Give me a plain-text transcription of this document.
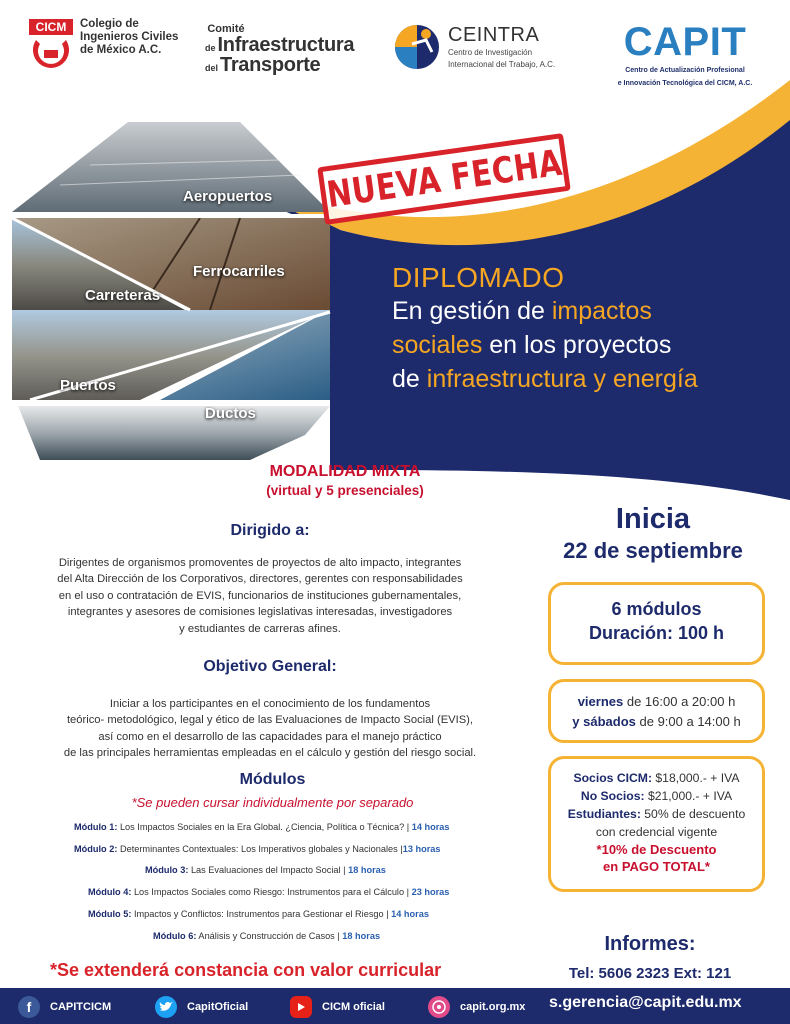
CICM Colegio de
Ingenieros Civiles
de México A.C.
Comité
de Infraestructura
del Transporte
CEINTRA
Centro de Investigación
Internacional del Trabajo, A.C.
CAPIT
Centro de Actualización Profesional
e Innovación Tecnológica del CICM, A.C.
Aeropuertos
Ferrocarriles
Carreteras
Puertos
Ductos
NUEVA FECHA
DIPLOMADO
En gestión de impactos
sociales en los proyectos
de infraestructura y energía
MODALIDAD MIXTA
(virtual y 5 presenciales)
Dirigido a:
Dirigentes de organismos promoventes de proyectos de alto impacto, integrantes
del Alta Dirección de los Corporativos, directores, gerentes con responsabilidades
en el uso o contratación de EVIS, funcionarios de instituciones gubernamentales,
integrantes y asesores de comisiones legislativas interesadas, investigadores
y estudiantes de carreras afines.
Objetivo General:
Iniciar a los participantes en el conocimiento de los fundamentos
teórico- metodológico, legal y ético de las Evaluaciones de Impacto Social (EVIS),
así como en el desarrollo de las capacidades para el manejo práctico
de las principales herramientas empleadas en el cálculo y gestión del riesgo social.
Módulos
*Se pueden cursar individualmente por separado
Módulo 1: Los Impactos Sociales en la Era Global. ¿Ciencia, Política o Técnica? | 14 horas
Módulo 2: Determinantes Contextuales: Los Imperativos globales y Nacionales |13 horas
Módulo 3: Las Evaluaciones del Impacto Social | 18 horas
Módulo 4: Los Impactos Sociales como Riesgo: Instrumentos para el Cálculo | 23 horas
Módulo 5: Impactos y Conflictos: Instrumentos para Gestionar el Riesgo | 14 horas
Módulo 6: Análisis y Construcción de Casos | 18 horas
*Se extenderá constancia con valor curricular
Inicia
22 de septiembre
6 módulos
Duración: 100 h
viernes de 16:00 a 20:00 h
y sábados de 9:00 a 14:00 h
Socios CICM: $18,000.- + IVA
No Socios: $21,000.- + IVA
Estudiantes: 50% de descuento
con credencial vigente
*10% de Descuento
en PAGO TOTAL*
Informes:
Tel: 5606 2323 Ext: 121
f CAPITCICM	CapitOficial	CICM oficial	capit.org.mx s.gerencia@capit.edu.mx
